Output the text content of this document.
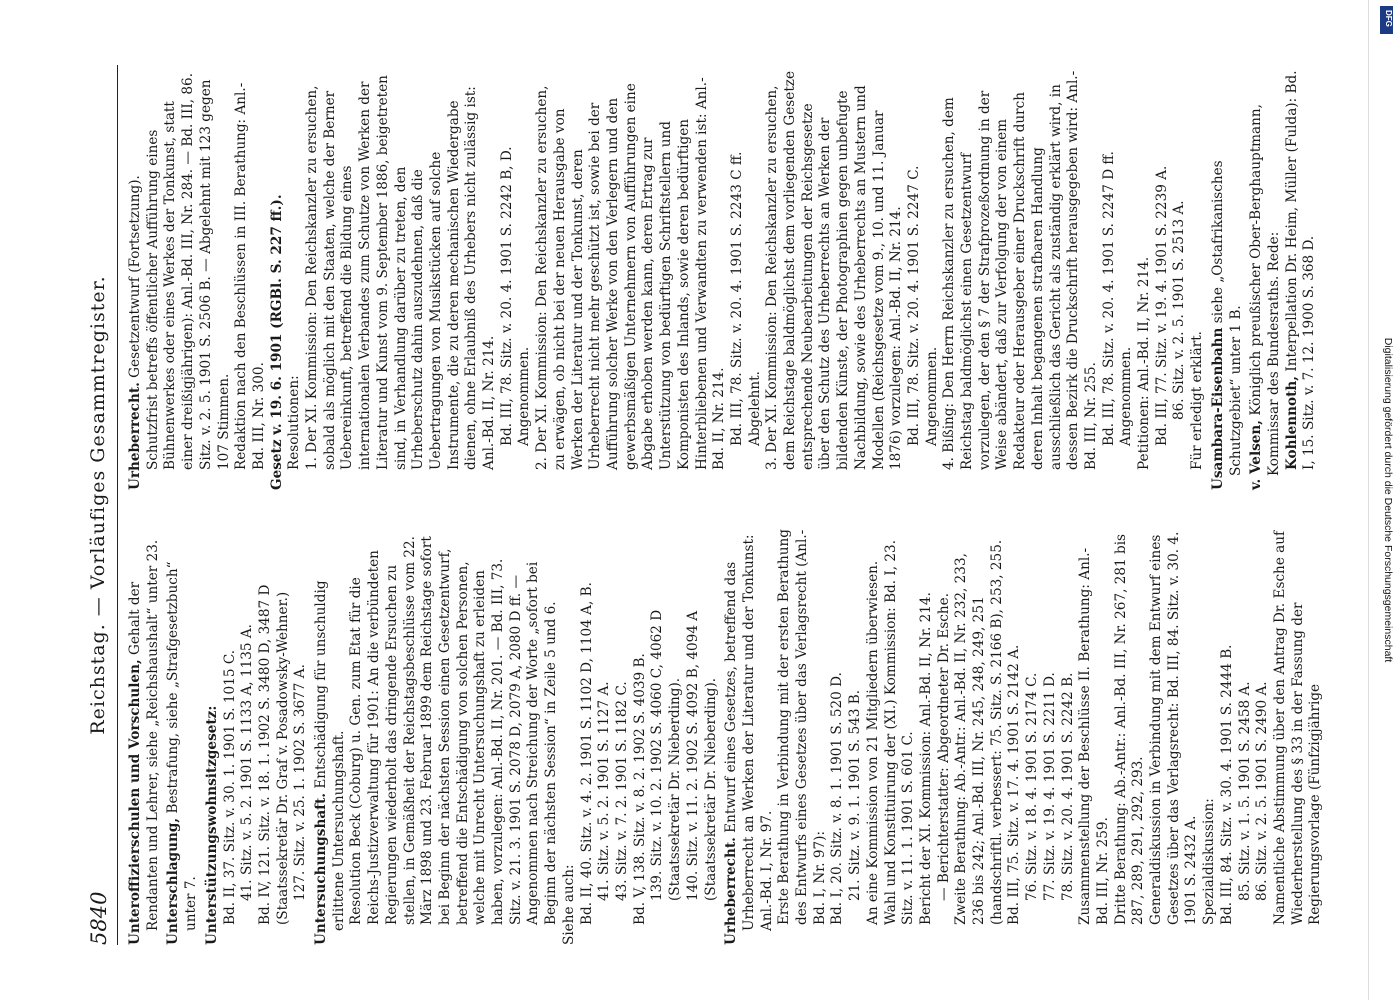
5840
Reichstag. — Vorläufiges Gesammtregister.

Unteroffizierschulen und Vorschulen, Gehalt der Rendanten und Lehrer, siehe „Reichshaushalt“ unter 23. Unterschlagung, Bestrafung, siehe „Strafgesetzbuch“ unter 7. Unterstützungswohnsitzgesetz: Bd. II, 37. Sitz. v. 30. 1. 1901 S. 1015 C. 41. Sitz. v. 5. 2. 1901 S. 1133 A, 1135 A. Bd. IV, 121. Sitz. v. 18. 1. 1902 S. 3480 D, 3487 D (Staatssekretär Dr. Graf v. Posadowsky-Wehner.) 127. Sitz. v. 25. 1. 1902 S. 3677 A. Untersuchungshaft. Entschädigung für unschuldig erlittene Untersuchungshaft. Resolution Beck (Coburg) u. Gen. zum Etat für die Reichs-Justizverwaltung für 1901: An die verbündeten Regierungen wiederholt das dringende Ersuchen zu stellen, in Gemäßheit der Reichstagsbeschlüsse vom 22. März 1898 und 23. Februar 1899 dem Reichstage sofort bei Beginn der nächsten Session einen Gesetzentwurf, betreffend die Entschädigung von solchen Personen, welche mit Unrecht Untersuchungshaft zu erleiden haben, vorzulegen: Anl.-Bd. II, Nr. 201. — Bd. III, 73. Sitz. v. 21. 3. 1901 S. 2078 D, 2079 A, 2080 D ff. — Angenommen nach Streichung der Worte „sofort bei Beginn der nächsten Session“ in Zeile 5 und 6. Siehe auch: Bd. II, 40. Sitz. v. 4. 2. 1901 S. 1102 D, 1104 A, B. 41. Sitz. v. 5. 2. 1901 S. 1127 A. 43. Sitz. v. 7. 2. 1901 S. 1182 C. Bd. V, 138. Sitz. v. 8. 2. 1902 S. 4039 B. 139. Sitz. v. 10. 2. 1902 S. 4060 C, 4062 D (Staatssekretär Dr. Nieberding). 140. Sitz. v. 11. 2. 1902 S. 4092 B, 4094 A (Staatssekretär Dr. Nieberding). Urheberrecht. Entwurf eines Gesetzes, betreffend das Urheberrecht an Werken der Literatur und der Tonkunst: Anl.-Bd. I, Nr. 97. Erste Berathung in Verbindung mit der ersten Berathung des Entwurfs eines Gesetzes über das Verlagsrecht (Anl.-Bd. I, Nr. 97): Bd. I, 20. Sitz. v. 8. 1. 1901 S. 520 D. 21. Sitz. v. 9. 1. 1901 S. 543 B. An eine Kommission von 21 Mitgliedern überwiesen. Wahl und Konstituirung der (XI.) Kommission: Bd. I, 23. Sitz. v. 11. 1. 1901 S. 601 C. Bericht der XI. Kommission: Anl.-Bd. II, Nr. 214. — Berichterstatter: Abgeordneter Dr. Esche. Zweite Berathung: Ab.-Antr.: Anl.-Bd. II, Nr. 232, 233, 236 bis 242; Anl.-Bd. III, Nr. 245, 248, 249, 251 (handschriftl. verbessert: 75. Sitz. S. 2166 B), 253, 255. Bd. III, 75. Sitz. v. 17. 4. 1901 S. 2142 A. 76. Sitz. v. 18. 4. 1901 S. 2174 C. 77. Sitz. v. 19. 4. 1901 S. 2211 D. 78. Sitz. v. 20. 4. 1901 S. 2242 B. Zusammenstellung der Beschlüsse II. Berathung: Anl.-Bd. III, Nr. 259. Dritte Berathung: Ab.-Antr.: Anl.-Bd. III, Nr. 267, 281 bis 287, 289, 291, 292, 293. Generaldiskussion in Verbindung mit dem Entwurf eines Gesetzes über das Verlagsrecht: Bd. III, 84. Sitz. v. 30. 4. 1901 S. 2432 A. Spezialdiskussion: Bd. III, 84. Sitz. v. 30. 4. 1901 S. 2444 B. 85. Sitz. v. 1. 5. 1901 S. 2458 A. 86. Sitz. v. 2. 5. 1901 S. 2490 A. Namentliche Abstimmung über den Antrag Dr. Esche auf Wiederherstellung des § 33 in der Fassung der Regierungsvorlage (Fünfzigjährige

Urheberrecht. Gesetzentwurf (Fortsetzung). Schutzfrist betreffs öffentlicher Aufführung eines Bühnenwerkes oder eines Werkes der Tonkunst, statt einer dreißigjährigen): Anl.-Bd. III, Nr. 284. — Bd. III, 86. Sitz. v. 2. 5. 1901 S. 2506 B. — Abgelehnt mit 123 gegen 107 Stimmen. Redaktion nach den Beschlüssen in III. Berathung: Anl.-Bd. III, Nr. 300. Gesetz v. 19. 6. 1901 (RGBl. S. 227 ff.). Resolutionen: 1. Der XI. Kommission: Den Reichskanzler zu ersuchen, sobald als möglich mit den Staaten, welche der Berner Uebereinkunft, betreffend die Bildung eines internationalen Verbandes zum Schutze von Werken der Literatur und Kunst vom 9. September 1886, beigetreten sind, in Verhandlung darüber zu treten, den Urheberschutz dahin auszudehnen, daß die Uebertragungen von Musikstücken auf solche Instrumente, die zu deren mechanischen Wiedergabe dienen, ohne Erlaubniß des Urhebers nicht zulässig ist: Anl.-Bd. II, Nr. 214. Bd. III, 78. Sitz. v. 20. 4. 1901 S. 2242 B, D. Angenommen. 2. Der XI. Kommission: Den Reichskanzler zu ersuchen, zu erwägen, ob nicht bei der neuen Herausgabe von Werken der Literatur und der Tonkunst, deren Urheberrecht nicht mehr geschützt ist, sowie bei der Aufführung solcher Werke von den Verlegern und den gewerbsmäßigen Unternehmern von Aufführungen eine Abgabe erhoben werden kann, deren Ertrag zur Unterstützung von bedürftigen Schriftstellern und Komponisten des Inlands, sowie deren bedürftigen Hinterbliebenen und Verwandten zu verwenden ist: Anl.-Bd. II, Nr. 214. Bd. III, 78. Sitz. v. 20. 4. 1901 S. 2243 C ff. Abgelehnt. 3. Der XI. Kommission: Den Reichskanzler zu ersuchen, dem Reichstage baldmöglichst dem vorliegenden Gesetze entsprechende Neubearbeitungen der Reichsgesetze über den Schutz des Urheberrechts an Werken der bildenden Künste, der Photographien gegen unbefugte Nachbildung, sowie des Urheberrechts an Mustern und Modellen (Reichsgesetze vom 9., 10. und 11. Januar 1876) vorzulegen: Anl.-Bd. II, Nr. 214. Bd. III, 78. Sitz. v. 20. 4. 1901 S. 2247 C. Angenommen. 4. Bißing: Den Herrn Reichskanzler zu ersuchen, dem Reichstag baldmöglichst einen Gesetzentwurf vorzulegen, der den § 7 der Strafprozeßordnung in der Weise abändert, daß zur Verfolgung der von einem Redakteur oder Herausgeber einer Druckschrift durch deren Inhalt begangenen strafbaren Handlung ausschließlich das Gericht als zuständig erklärt wird, in dessen Bezirk die Druckschrift herausgegeben wird: Anl.-Bd. III, Nr. 255. Bd. III, 78. Sitz. v. 20. 4. 1901 S. 2247 D ff. Angenommen. Petitionen: Anl.-Bd. II, Nr. 214. Bd. III, 77. Sitz. v. 19. 4. 1901 S. 2239 A. 86. Sitz. v. 2. 5. 1901 S. 2513 A. Für erledigt erklärt. Usambara-Eisenbahn siehe „Ostafrikanisches Schutzgebiet“ unter 1 B. v. Velsen, Königlich preußischer Ober-Berghauptmann, Kommissar des Bundesraths. Rede: Kohlennoth, Interpellation Dr. Heim, Müller (Fulda): Bd. I, 15. Sitz. v. 7. 12. 1900 S. 368 D.

DFG
Digitalisierung gefördert durch die Deutsche Forschungsgemeinschaft
